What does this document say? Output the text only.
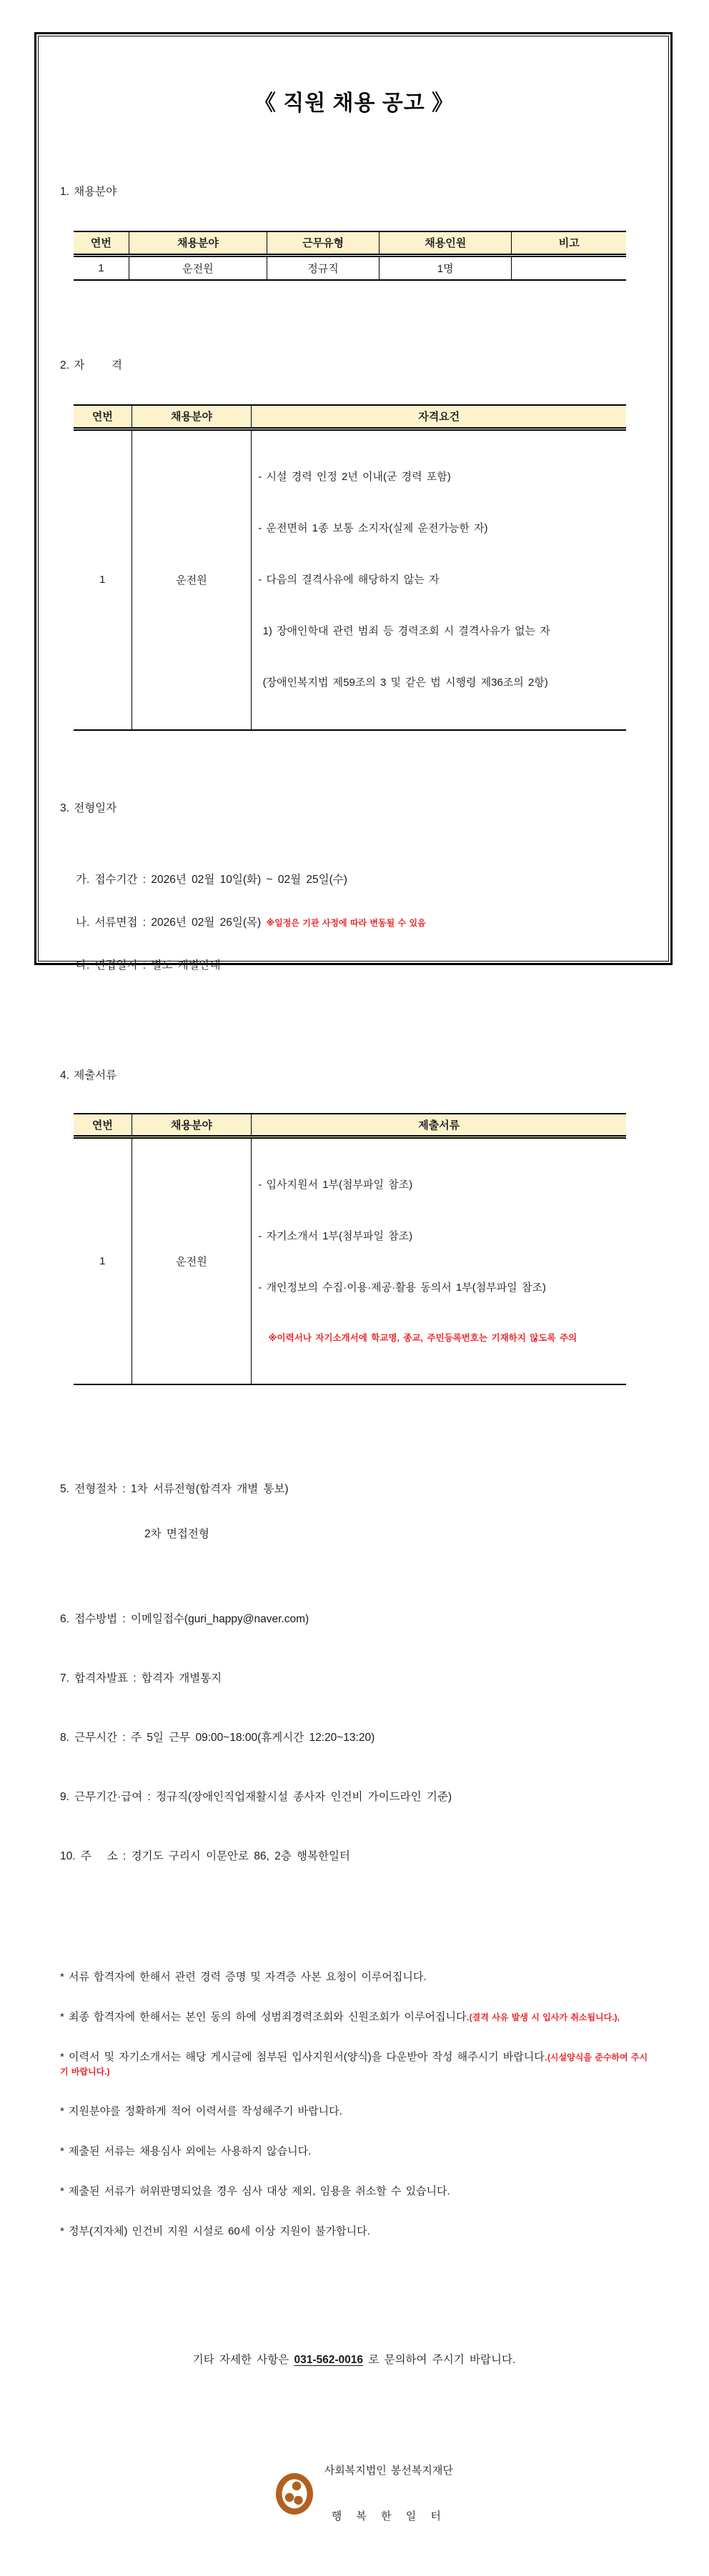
《 직원 채용 공고 》

1. 채용분야

연번	채용분야	근무유형	채용인원	비고
1	운전원	정규직	1명	

2. 자      격

연번	채용분야	자격요건
1	운전원	- 시설 경력 인정 2년 이내(군 경력 포함)

- 운전면허 1종 보통 소지자(실제 운전가능한 자)

- 다음의 결격사유에 해당하지 않는 자

1) 장애인학대 관련 범죄 등 경력조회 시 결격사유가 없는 자

(장애인복지법 제59조의 3 및 같은 법 시행령 제36조의 2항)

3. 전형일자

가. 접수기간 : 2026년 02월 10일(화) ~ 02월 25일(수)

나. 서류면접 : 2026년 02월 26일(목) ※일정은 기관 사정에 따라 변동될 수 있음

다. 면접일시 : 별도 개별안내

4. 제출서류

연번	채용분야	제출서류
1	운전원	- 입사지원서 1부(첨부파일 참조)

- 자기소개서 1부(첨부파일 참조)

- 개인정보의 수집·이용·제공·활용 동의서 1부(첨부파일 참조)

※이력서나 자기소개서에 학교명, 종교, 주민등록번호는 기재하지 않도록 주의

5. 전형절차 : 1차 서류전형(합격자 개별 통보)

2차 면접전형

6. 접수방법 : 이메일접수(guri_happy@naver.com)

7. 합격자발표 : 합격자 개별통지

8. 근무시간 : 주 5일 근무 09:00~18:00(휴게시간 12:20~13:20)

9. 근무기간·급여 : 정규직(장애인직업재활시설 종사자 인건비 가이드라인 기준)

10. 주   소 : 경기도 구리시 이문안로 86, 2층 행복한일터

* 서류 합격자에 한해서 관련 경력 증명 및 자격증 사본 요청이 이루어집니다.

* 최종 합격자에 한해서는 본인 동의 하에 성범죄경력조회와 신원조회가 이루어집니다.(결격 사유 발생 시 입사가 취소됩니다.),

* 이력서 및 자기소개서는 해당 게시글에 첨부된 입사지원서(양식)을 다운받아 작성 해주시기 바랍니다.(시설양식을 준수하여 주시기 바랍니다.)

* 지원분야를 정확하게 적어 이력서를 작성해주기 바랍니다.

* 제출된 서류는 채용심사 외에는 사용하지 않습니다.

* 제출된 서류가 허위판명되었을 경우 심사 대상 제외, 임용을 취소할 수 있습니다.

* 정부(지자체) 인건비 지원 시설로 60세 이상 지원이 불가합니다.

기타 자세한 사항은 031-562-0016 로 문의하여 주시기 바랍니다.

사회복지법인 봉선복지재단

행 복 한 일 터
